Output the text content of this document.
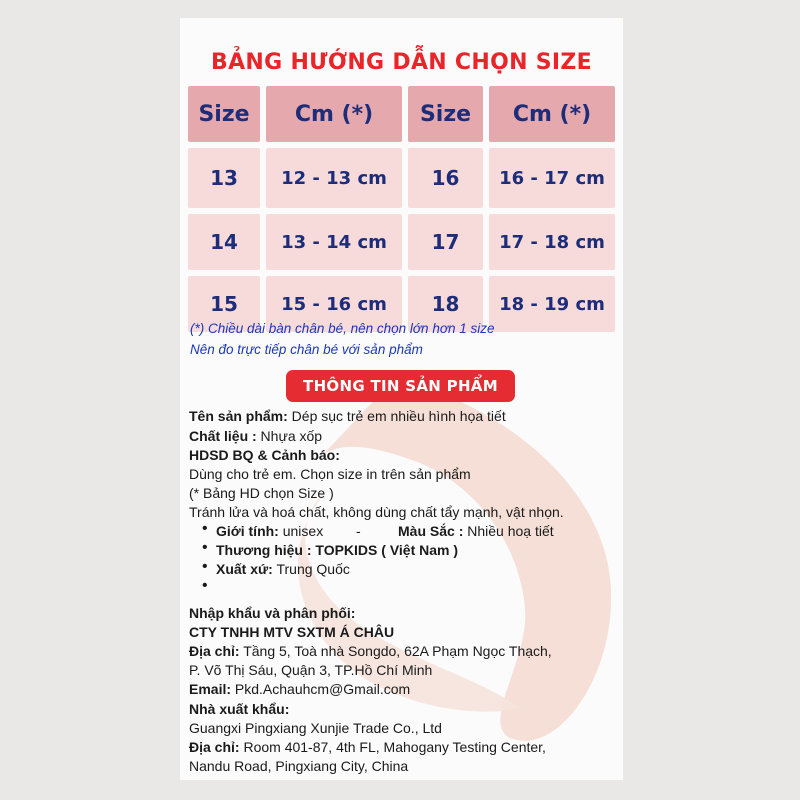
BẢNG HƯỚNG DẪN CHỌN SIZE
Size	Cm (*)	Size	Cm (*)
13	12 - 13 cm	16	16 - 17 cm
14	13 - 14 cm	17	17 - 18 cm
15	15 - 16 cm	18	18 - 19 cm
(*) Chiều dài bàn chân bé, nên chọn lớn hơn 1 size
Nên đo trực tiếp chân bé với sản phẩm
THÔNG TIN SẢN PHẨM
Tên sản phẩm: Dép sục trẻ em nhiều hình họa tiết
Chất liệu : Nhựa xốp
HDSD BQ & Cảnh báo:
Dùng cho trẻ em. Chọn size in trên sản phẩm
(* Bảng HD chọn Size )
Tránh lửa và hoá chất, không dùng chất tẩy mạnh, vật nhọn.
• Giới tính: unisex -	Màu Sắc : Nhiều hoạ tiết
• Thương hiệu : TOPKIDS ( Việt Nam )
• Xuất xứ: Trung Quốc
•
Nhập khẩu và phân phối:
CTY TNHH MTV SXTM Á CHÂU
Địa chỉ: Tầng 5, Toà nhà Songdo, 62A Phạm Ngọc Thạch,
P. Võ Thị Sáu, Quận 3, TP.Hồ Chí Minh
Email: Pkd.Achauhcm@Gmail.com
Nhà xuất khẩu:
Guangxi Pingxiang Xunjie Trade Co., Ltd
Địa chỉ: Room 401-87, 4th FL, Mahogany Testing Center,
Nandu Road, Pingxiang City, China
